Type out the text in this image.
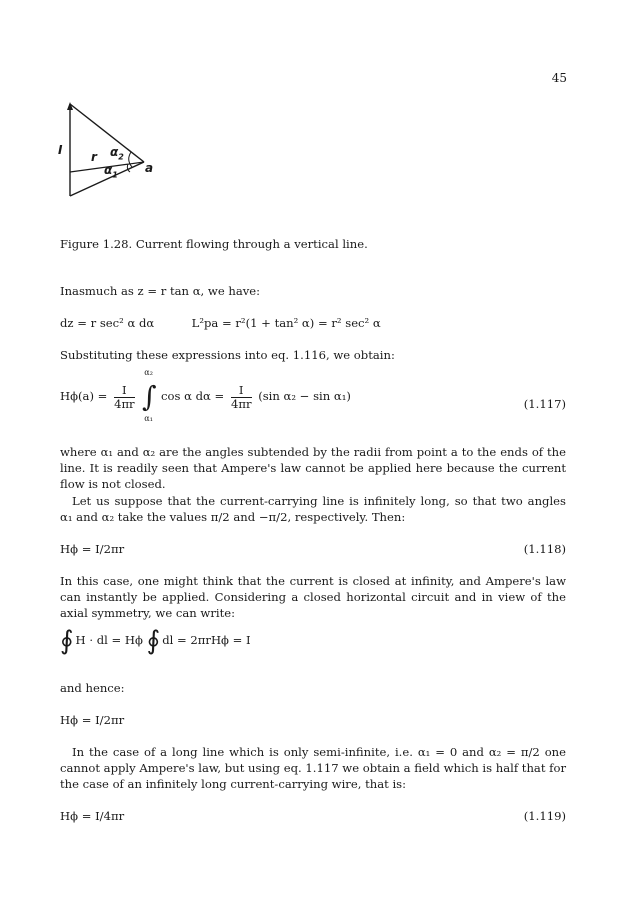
45
I r
a
$\alpha_2$
$\alpha_1$
Figure 1.28. Current flowing through a vertical line.
Inasmuch as z = r tan α, we have:
dz = r sec² α dα	L²pa = r²(1 + tan² α) = r² sec² α
Substituting these expressions into eq. 1.116, we obtain:
$H\phi(a) = \frac{I}{4\pi r}$

α₂
∫
α₁
cos α $d\alpha = \frac{I}{4\pi r} (\sin$ α₂ − sin α₁)
(1.117)
where α₁ and α₂ are the angles subtended by the radii from point a to the ends of the line. It is readily seen that Ampere's law cannot be applied here because the current flow is not closed.
Let us suppose that the current-carrying line is infinitely long, so that two angles α₁ and α₂ take the values π/2 and −π/2, respectively. Then:
Hϕ = I/2πr	(1.118)
In this case, one might think that the current is closed at infinity, and Ampere's law can instantly be applied. Considering a closed horizontal circuit and in view of the axial symmetry, we can write:
∮ H · dl = Hϕ ∮ dl = 2πrHϕ = I
and hence:
Hϕ = I/2πr
In the case of a long line which is only semi-infinite, i.e. α₁ = 0 and α₂ = π/2 one cannot apply Ampere's law, but using eq. 1.117 we obtain a field which is half that for the case of an infinitely long current-carrying wire, that is:
Hϕ = I/4πr	(1.119)
